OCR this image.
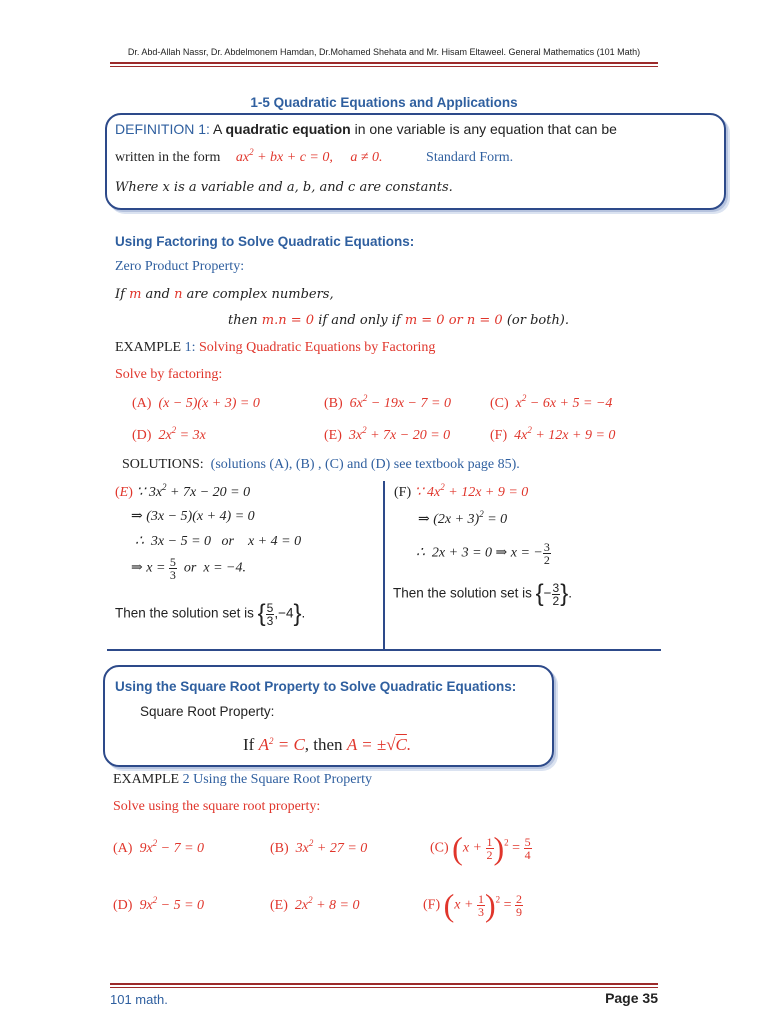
Dr. Abd-Allah Nassr, Dr. Abdelmonem Hamdan, Dr.Mohamed Shehata and Mr. Hisam Eltaweel. General Mathematics (101 Math)
1-5 Quadratic Equations and Applications
DEFINITION 1: A quadratic equation in one variable is any equation that can be
written in the form $ax^2$ + bx + c = 0,     a ≠ 0.	Standard Form.
Where x is a variable and a, b, and c are constants.
Using Factoring to Solve Quadratic Equations:
Zero Product Property:
If m and n are complex numbers,
then m.n = 0 if and only if m = 0 or n = 0 (or both).
EXAMPLE 1: Solving Quadratic Equations by Factoring
Solve by factoring:
(A)  (x − 5)(x + 3) = 0	(B)  $6x^2 - 19x - 7 = 0$	(C)  $x^2 - 6x + 5 = -4$
(D)  $2x^2 = 3x$	(E)  $3x^2 + 7x - 20 = 0$	(F)  $4x^2 + 12x + 9 = 0$
SOLUTIONS: (solutions (A), (B) , (C) and (D) see textbook page 85).
(E) ∵ $3x^2 + 7x - 20 = 0$
⇒ (3x − 5)(x + 4) = 0
∴  3x − 5 = 0   or    x + 4 = 0
⇒ $x = \frac{5}{3}$ or  x = −4.
Then the solution set is { $\frac{5}{3} ,-4$}.
(F) ∵ $4x^2 + 12x + 9 = 0$
⇒ $(2x + 3)^2 = 0$
∴  2x + 3 = 0 ⇒ x = − $\frac{3}{2}$
Then the solution set is {− $\frac{3}{2}$ }.
Using the Square Root Property to Solve Quadratic Equations:
Square Root Property:
If $A^2 = C$, then A = ±√C.
EXAMPLE 2 Using the Square Root Property
Solve using the square root property:
(A)  $9x^2 - 7 = 0$	(B)  $3x^2 + 27 = 0$	(C) $(x + \frac{1}{2} )^2 = \frac{5}{4}$
(D)  $9x^2 - 5 = 0$	(E)  $2x^2 + 8 = 0$	(F) $(x + \frac{1}{3} )^2 = \frac{2}{9}$
101 math.	Page 35
